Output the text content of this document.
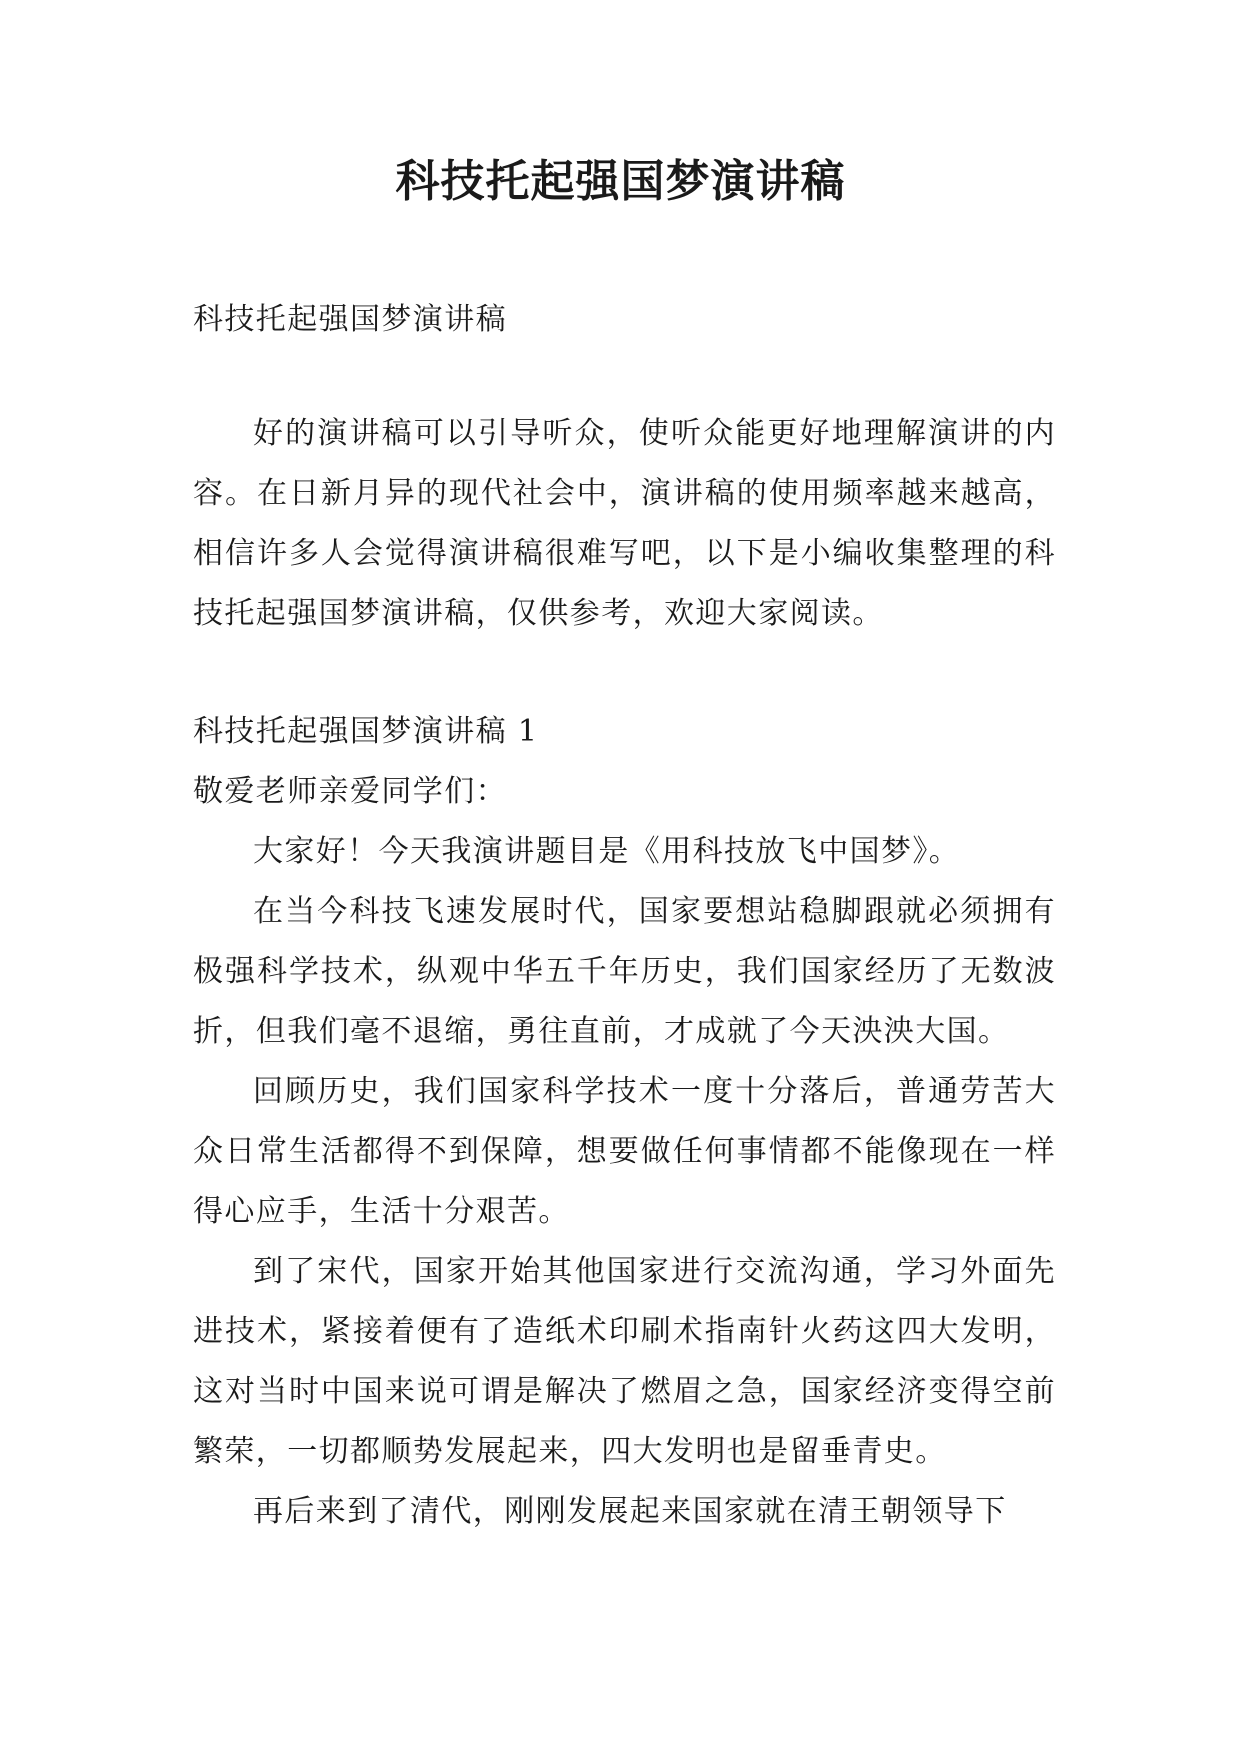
科技托起强国梦演讲稿

科技托起强国梦演讲稿

好的演讲稿可以引导听众，使听众能更好地理解演讲的内容。在日新月异的现代社会中，演讲稿的使用频率越来越高，相信许多人会觉得演讲稿很难写吧，以下是小编收集整理的科技托起强国梦演讲稿，仅供参考，欢迎大家阅读。

科技托起强国梦演讲稿 1

敬爱老师亲爱同学们：

大家好！今天我演讲题目是《用科技放飞中国梦》。

在当今科技飞速发展时代，国家要想站稳脚跟就必须拥有极强科学技术，纵观中华五千年历史，我们国家经历了无数波折，但我们毫不退缩，勇往直前，才成就了今天泱泱大国。

回顾历史，我们国家科学技术一度十分落后，普通劳苦大众日常生活都得不到保障，想要做任何事情都不能像现在一样得心应手，生活十分艰苦。

到了宋代，国家开始其他国家进行交流沟通，学习外面先进技术，紧接着便有了造纸术印刷术指南针火药这四大发明，这对当时中国来说可谓是解决了燃眉之急，国家经济变得空前繁荣，一切都顺势发展起来，四大发明也是留垂青史。

再后来到了清代，刚刚发展起来国家就在清王朝领导下
